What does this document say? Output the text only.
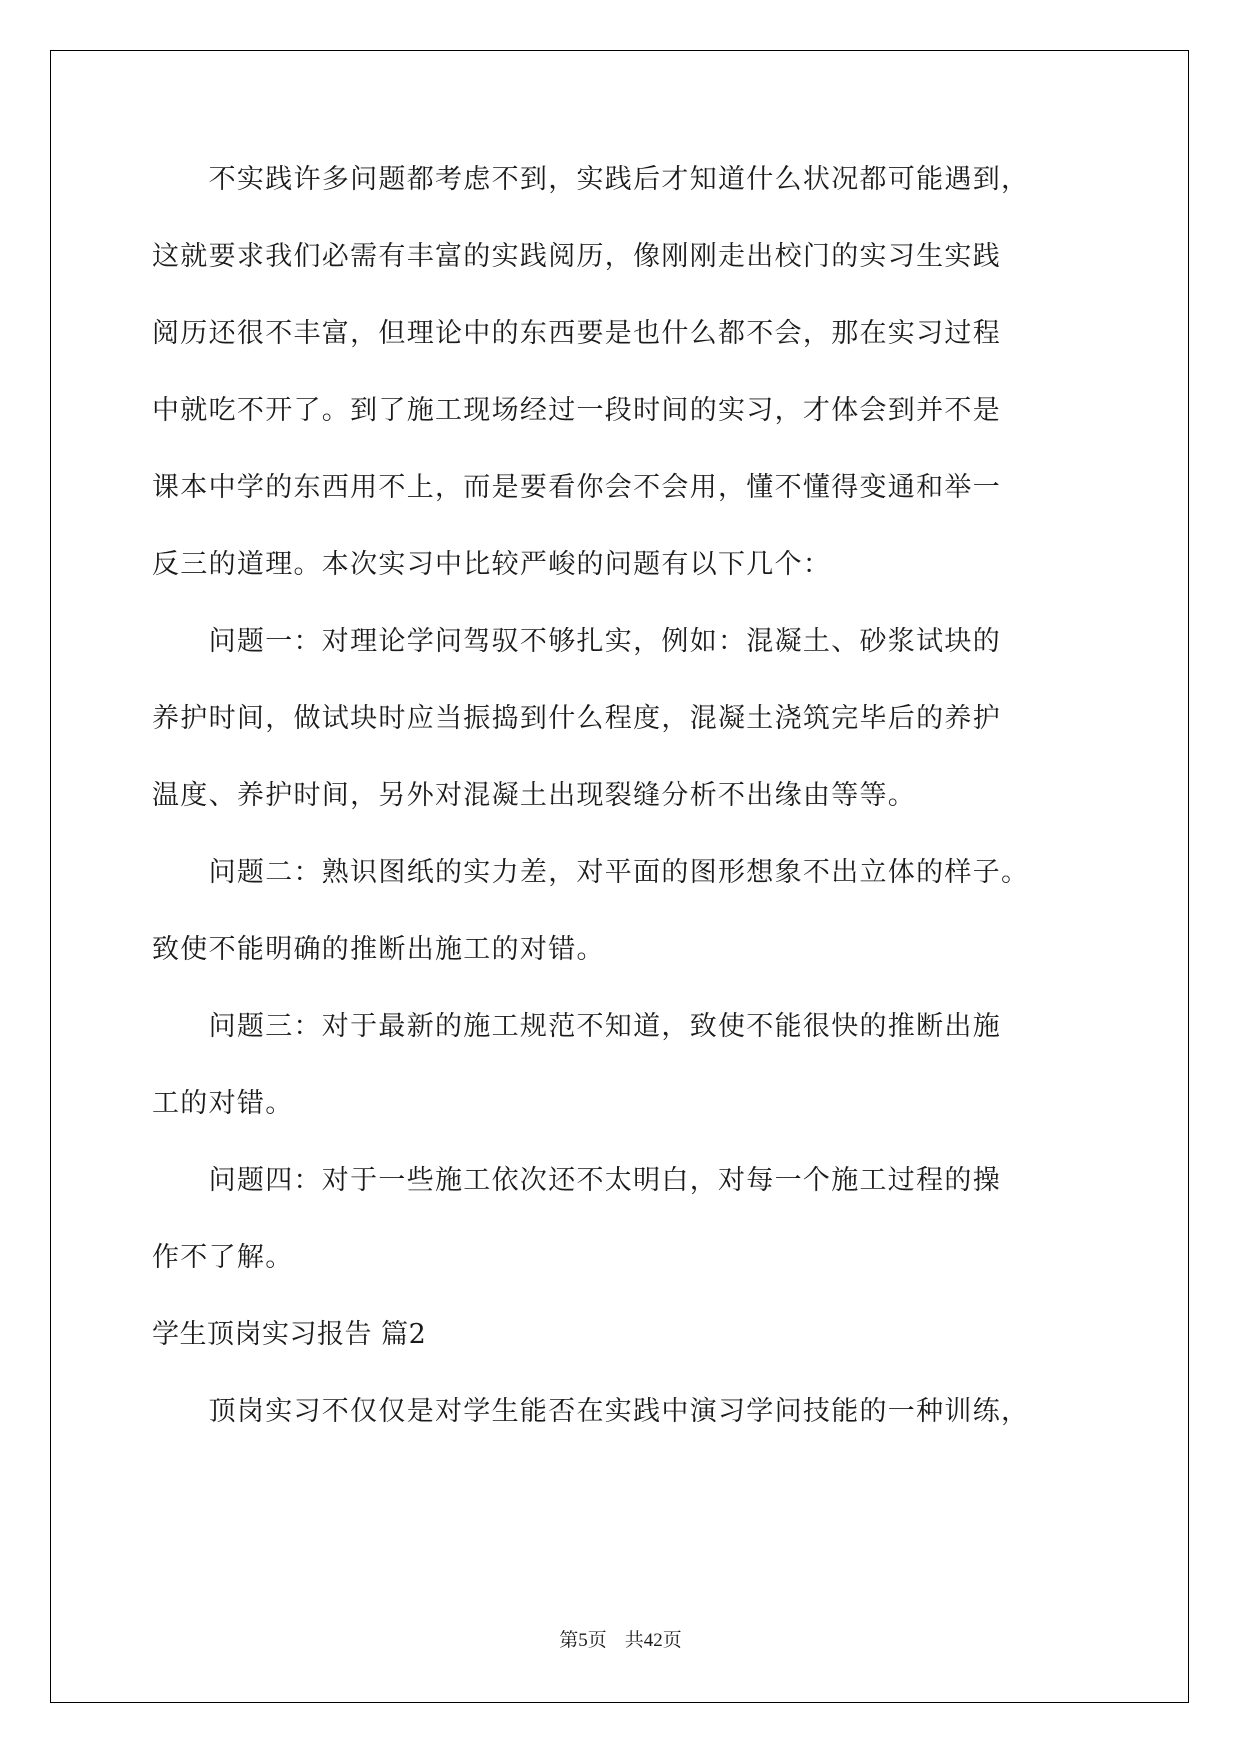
　　不实践许多问题都考虑不到，实践后才知道什么状况都可能遇到，
这就要求我们必需有丰富的实践阅历，像刚刚走出校门的实习生实践
阅历还很不丰富，但理论中的东西要是也什么都不会，那在实习过程
中就吃不开了。到了施工现场经过一段时间的实习，才体会到并不是
课本中学的东西用不上，而是要看你会不会用，懂不懂得变通和举一
反三的道理。本次实习中比较严峻的问题有以下几个：
　　问题一：对理论学问驾驭不够扎实，例如：混凝土、砂浆试块的
养护时间，做试块时应当振捣到什么程度，混凝土浇筑完毕后的养护
温度、养护时间，另外对混凝土出现裂缝分析不出缘由等等。
　　问题二：熟识图纸的实力差，对平面的图形想象不出立体的样子。
致使不能明确的推断出施工的对错。
　　问题三：对于最新的施工规范不知道，致使不能很快的推断出施
工的对错。
　　问题四：对于一些施工依次还不太明白，对每一个施工过程的操
作不了解。
学生顶岗实习报告 篇2
　　顶岗实习不仅仅是对学生能否在实践中演习学问技能的一种训练，
第5页 共42页
